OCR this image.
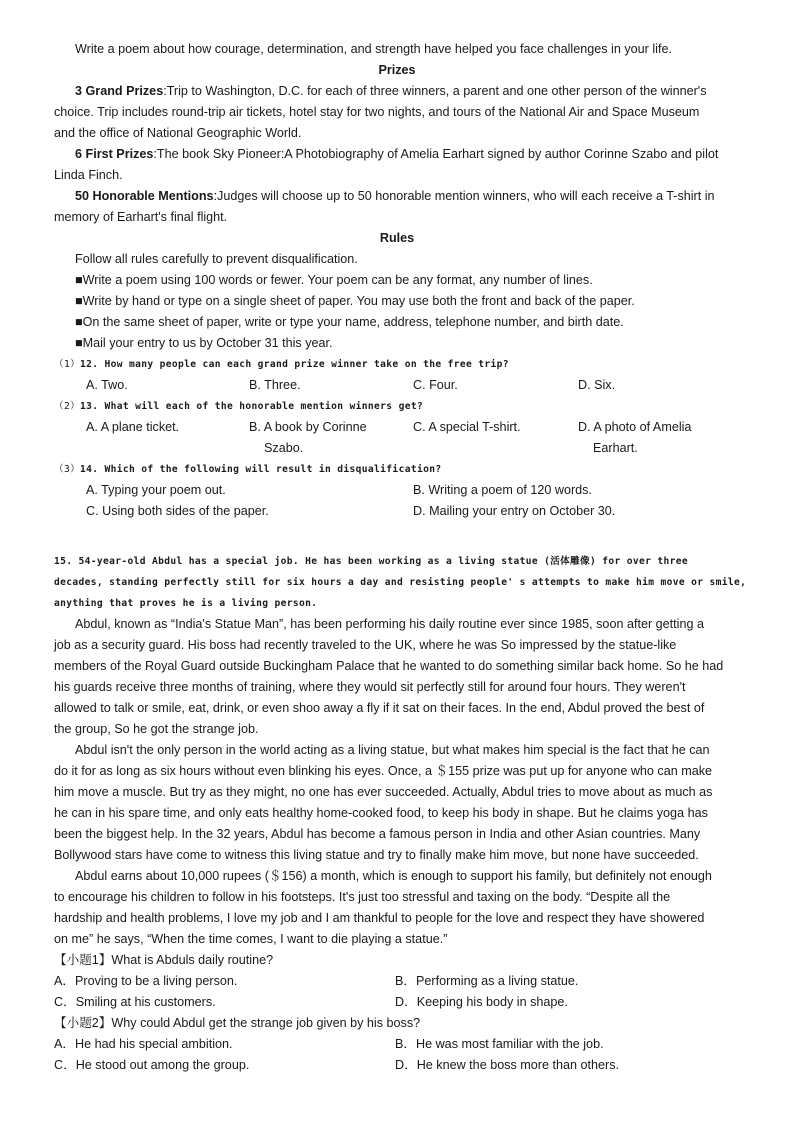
Write a poem about how courage, determination, and strength have helped you face challenges in your life.
Prizes
3 Grand Prizes:Trip to Washington, D.C. for each of three winners, a parent and one other person of the winner's
choice. Trip includes round-trip air tickets, hotel stay for two nights, and tours of the National Air and Space Museum
and the office of National Geographic World.
6 First Prizes:The book Sky Pioneer:A Photobiography of Amelia Earhart signed by author Corinne Szabo and pilot
Linda Finch.
50 Honorable Mentions:Judges will choose up to 50 honorable mention winners, who will each receive a T-shirt in
memory of Earhart's final flight.
Rules
Follow all rules carefully to prevent disqualification.
■Write a poem using 100 words or fewer. Your poem can be any format, any number of lines.
■Write by hand or type on a single sheet of paper. You may use both the front and back of the paper.
■On the same sheet of paper, write or type your name, address, telephone number, and birth date.
■Mail your entry to us by October 31 this year.
（1）12. How many people can each grand prize winner take on the free trip?
A. Two.	B. Three.	C. Four.	D. Six.
（2）13. What will each of the honorable mention winners get?
A. A plane ticket.	B. A book by Corinne
Szabo.
C. A special T-shirt.	D. A photo of Amelia
Earhart.
（3）14. Which of the following will result in disqualification?
A. Typing your poem out.	B. Writing a poem of 120 words.
C. Using both sides of the paper.	D. Mailing your entry on October 30.
15. 54-year-old Abdul has a special job. He has been working as a living statue (活体雕像) for over three
decades, standing perfectly still for six hours a day and resisting people' s attempts to make him move or smile,
anything that proves he is a living person.
Abdul, known as “India's Statue Man”, has been performing his daily routine ever since 1985, soon after getting a
job as a security guard. His boss had recently traveled to the UK, where he was So impressed by the statue-like
members of the Royal Guard outside Buckingham Palace that he wanted to do something similar back home. So he had
his guards receive three months of training, where they would sit perfectly still for around four hours. They weren't
allowed to talk or smile, eat, drink, or even shoo away a fly if it sat on their faces. In the end, Abdul proved the best of
the group, So he got the strange job.
Abdul isn't the only person in the world acting as a living statue, but what makes him special is the fact that he can
do it for as long as six hours without even blinking his eyes. Once, a ＄155 prize was put up for anyone who can make
him move a muscle. But try as they might, no one has ever succeeded. Actually, Abdul tries to move about as much as
he can in his spare time, and only eats healthy home-cooked food, to keep his body in shape. But he claims yoga has
been the biggest help. In the 32 years, Abdul has become a famous person in India and other Asian countries. Many
Bollywood stars have come to witness this living statue and try to finally make him move, but none have succeeded.
Abdul earns about 10,000 rupees (＄156) a month, which is enough to support his family, but definitely not enough
to encourage his children to follow in his footsteps. It's just too stressful and taxing on the body. “Despite all the
hardship and health problems, I love my job and I am thankful to people for the love and respect they have showered
on me” he says, “When the time comes, I want to die playing a statue.”
【小题1】What is Abduls daily routine?
A．Proving to be a living person.	B．Performing as a living statue.
C．Smiling at his customers.	D．Keeping his body in shape.
【小题2】Why could Abdul get the strange job given by his boss?
A．He had his special ambition.	B．He was most familiar with the job.
C．He stood out among the group.	D．He knew the boss more than others.
